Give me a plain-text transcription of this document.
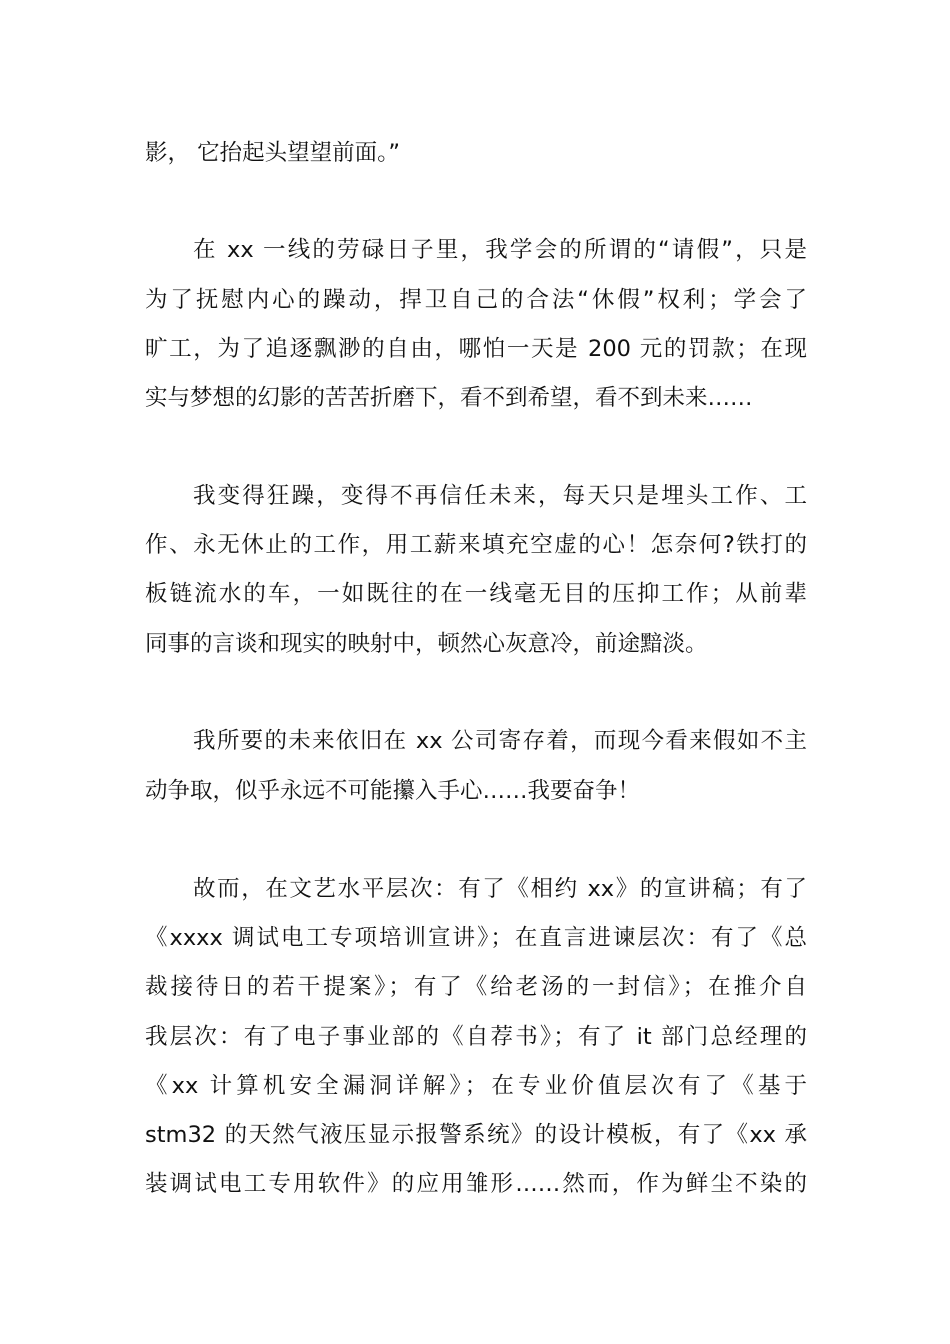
影， 它抬起头望望前面。”
在 xx 一线的劳碌日子里，我学会的所谓的“请假”，只是
为了抚慰内心的躁动，捍卫自己的合法“休假”权利；学会了
旷工，为了追逐飘渺的自由，哪怕一天是 200 元的罚款；在现
实与梦想的幻影的苦苦折磨下，看不到希望，看不到未来……
我变得狂躁，变得不再信任未来，每天只是埋头工作、工
作、永无休止的工作，用工薪来填充空虚的心！怎奈何?铁打的
板链流水的车，一如既往的在一线毫无目的压抑工作；从前辈
同事的言谈和现实的映射中，顿然心灰意冷，前途黯淡。
我所要的未来依旧在 xx 公司寄存着，而现今看来假如不主
动争取，似乎永远不可能攥入手心……我要奋争！
故而，在文艺水平层次：有了《相约 xx》的宣讲稿；有了
《xxxx 调试电工专项培训宣讲》；在直言进谏层次：有了《总
裁接待日的若干提案》；有了《给老汤的一封信》；在推介自
我层次：有了电子事业部的《自荐书》；有了 it 部门总经理的
《xx 计算机安全漏洞详解》；在专业价值层次有了《基于
stm32 的天然气液压显示报警系统》的设计模板，有了《xx 承
装调试电工专用软件》的应用雏形……然而，作为鲜尘不染的
